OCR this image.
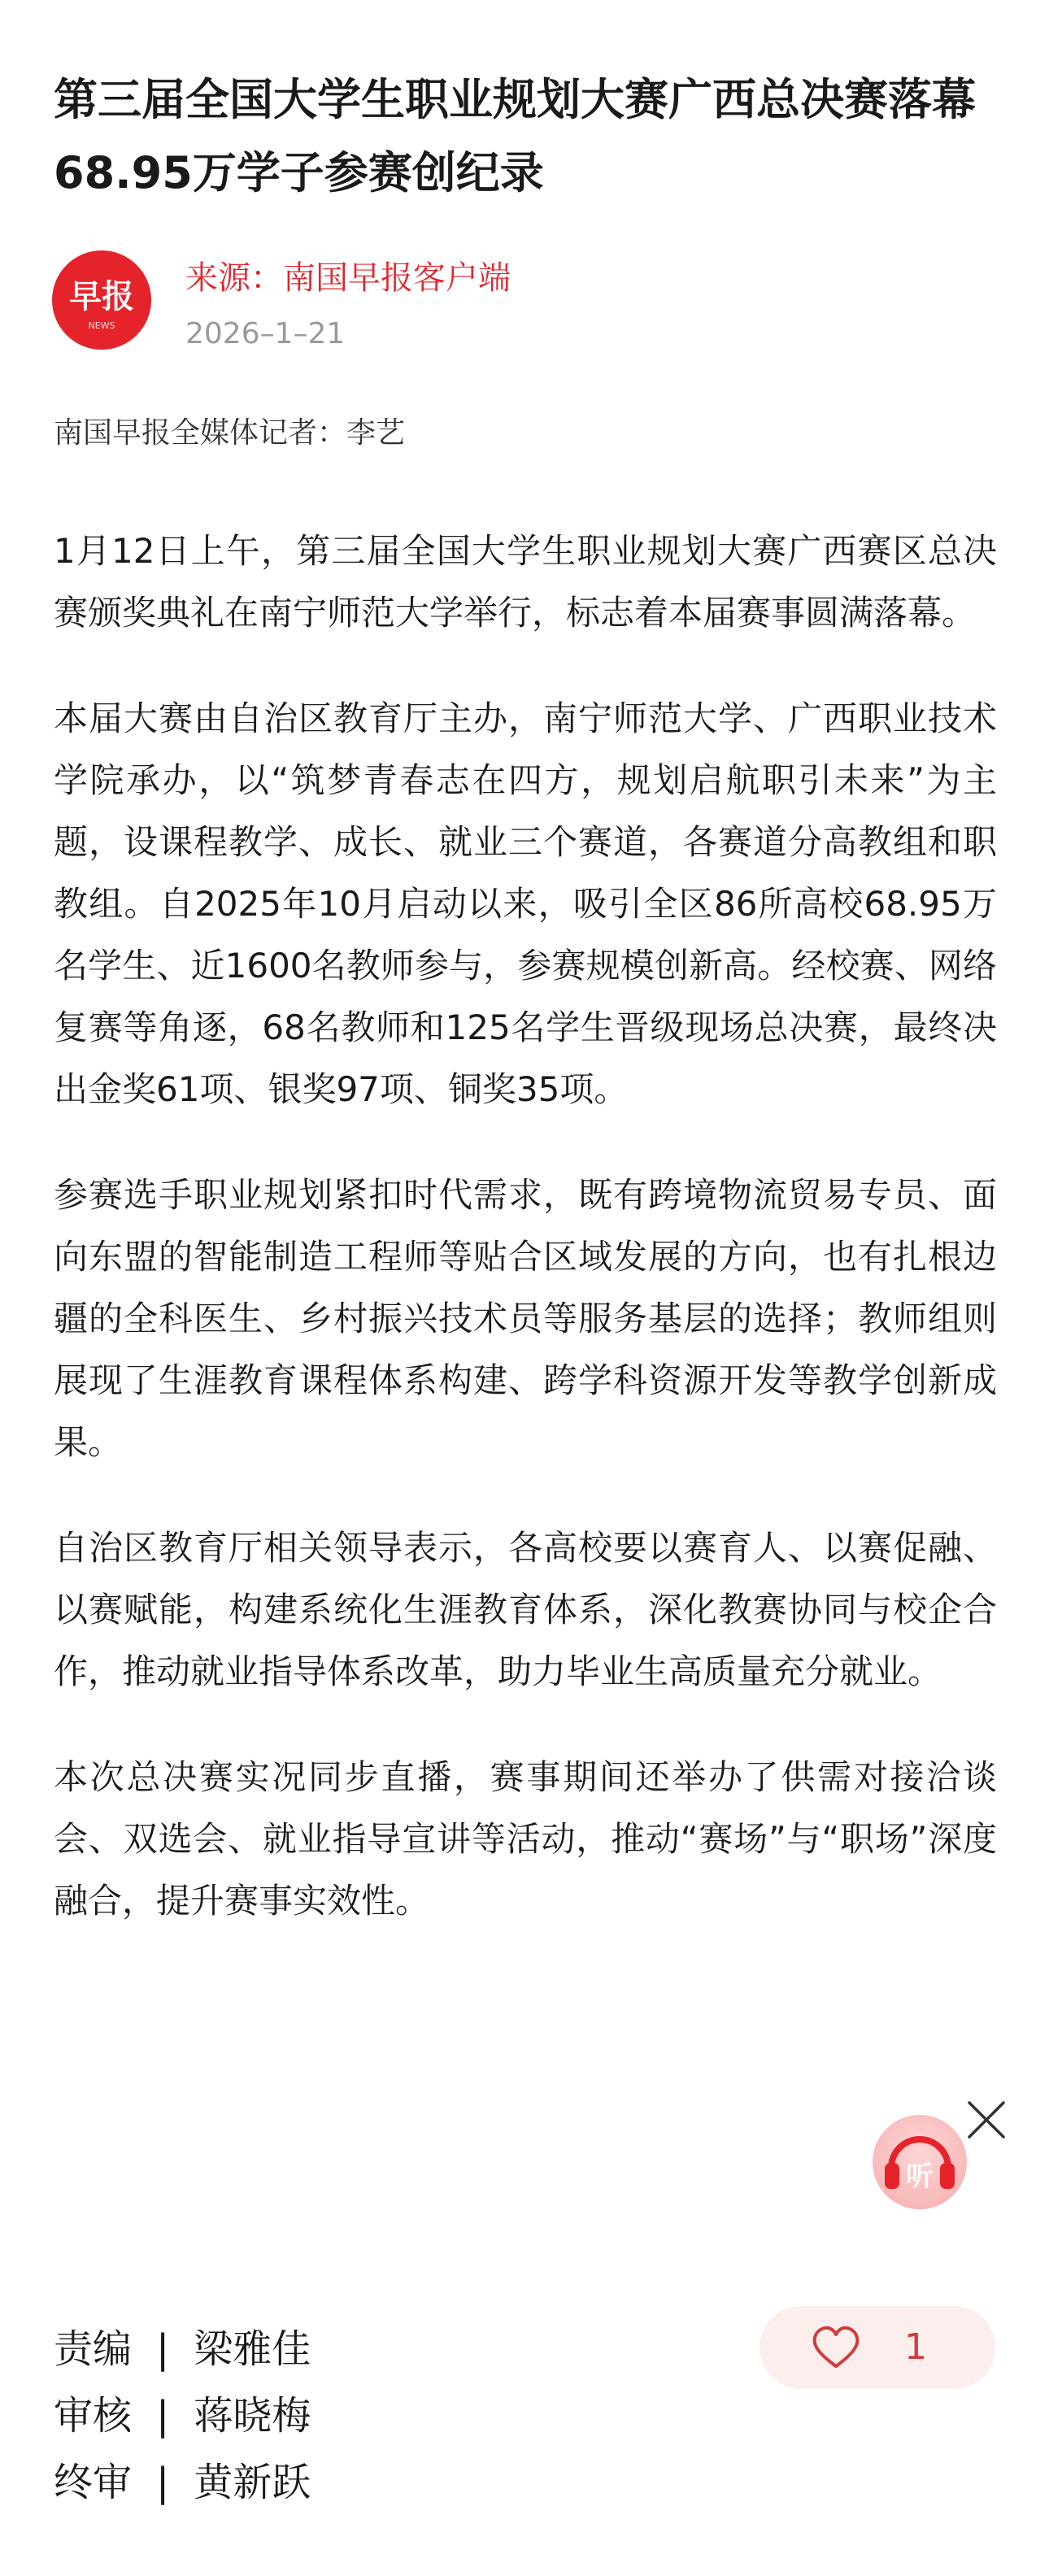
第三届全国大学生职业规划大赛广西总决赛落幕 68.95万学子参赛创纪录
早报
NEWS
来源：南国早报客户端
2026–1–21
南国早报全媒体记者：李艺

1月12日上午，第三届全国大学生职业规划大赛广西赛区总决赛颁奖典礼在南宁师范大学举行，标志着本届赛事圆满落幕。

本届大赛由自治区教育厅主办，南宁师范大学、广西职业技术学院承办，以“筑梦青春志在四方，规划启航职引未来”为主题，设课程教学、成长、就业三个赛道，各赛道分高教组和职教组。自2025年10月启动以来，吸引全区86所高校68.95万名学生、近1600名教师参与，参赛规模创新高。经校赛、网络复赛等角逐，68名教师和125名学生晋级现场总决赛，最终决出金奖61项、银奖97项、铜奖35项。

参赛选手职业规划紧扣时代需求，既有跨境物流贸易专员、面向东盟的智能制造工程师等贴合区域发展的方向，也有扎根边疆的全科医生、乡村振兴技术员等服务基层的选择；教师组则展现了生涯教育课程体系构建、跨学科资源开发等教学创新成果。

自治区教育厅相关领导表示，各高校要以赛育人、以赛促融、以赛赋能，构建系统化生涯教育体系，深化教赛协同与校企合作，推动就业指导体系改革，助力毕业生高质量充分就业。

本次总决赛实况同步直播，赛事期间还举办了供需对接洽谈会、双选会、就业指导宣讲等活动，推动“赛场”与“职场”深度融合，提升赛事实效性。

听
责编 | 梁雅佳
审核 | 蒋晓梅
终审 | 黄新跃
1
